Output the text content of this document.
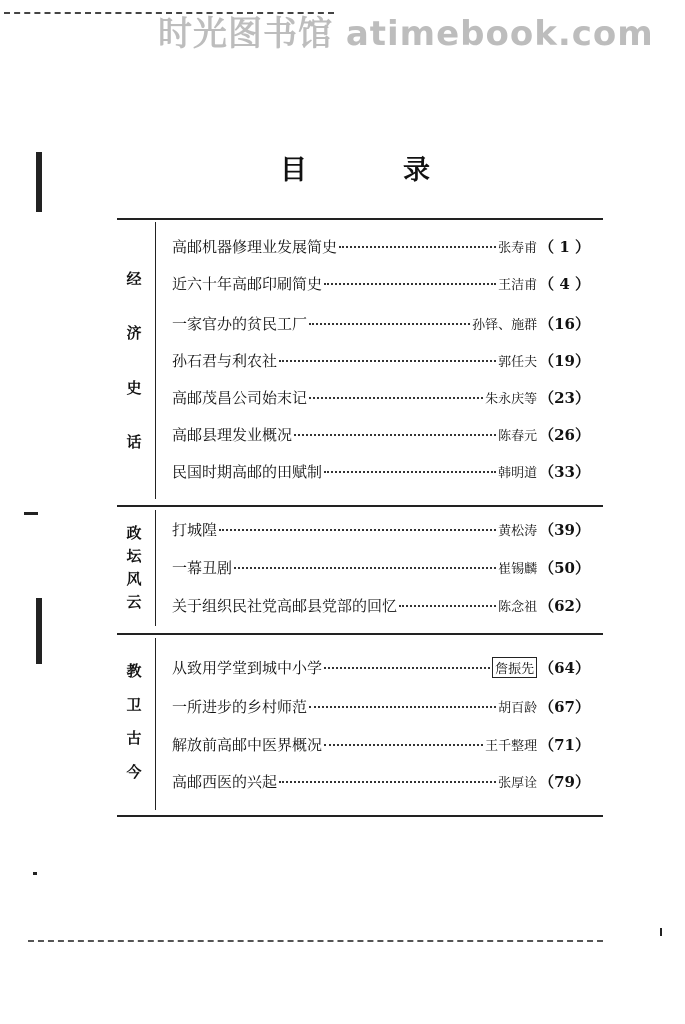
时光图书馆 atimebook.com
目	录
经
济
史
话
政
坛
风
云
教
卫
古
今
高邮机器修理业发展简史	张寿甫 （ 1 ）
近六十年高邮印刷简史	王洁甫 （ 4 ）
一家官办的贫民工厂	孙铎、施群 （16）
孙石君与利农社	郭任夫 （19）
高邮茂昌公司始末记	朱永庆等 （23）
高邮县理发业概况	陈春元 （26）
民国时期高邮的田赋制	韩明道 （33）
打城隍	黄松涛 （39）
一幕丑剧	崔锡麟 （50）
关于组织民社党高邮县党部的回忆	陈念祖 （62）
从致用学堂到城中小学	詹振先 （64）
一所进步的乡村师范	胡百龄 （67）
解放前高邮中医界概况	王千整理 （71）
高邮西医的兴起	张厚诠 （79）
